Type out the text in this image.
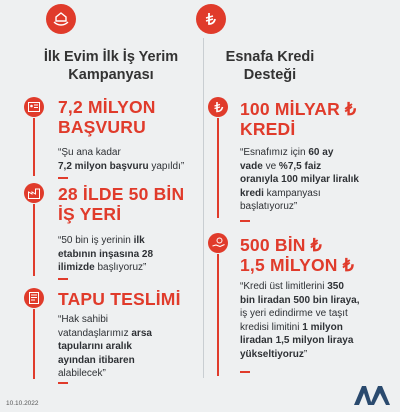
İlk Evim İlk İş Yerim
Kampanyası
Esnafa Kredi
Desteği
7,2 MİLYON
BAŞVURU
“Şu ana kadar
7,2 milyon başvuru yapıldı”
28 İLDE 50 BİN
İŞ YERİ
“50 bin iş yerinin ilk
etabının inşasına 28
ilimizde başlıyoruz”
TAPU TESLİMİ
“Hak sahibi
vatandaşlarımız arsa
tapularını aralık
ayından itibaren
alabilecek”
100 MİLYAR ₺
KREDİ
“Esnafımız için 60 ay
vade ve %7,5 faiz
oranıyla 100 milyar liralık
kredi kampanyası
başlatıyoruz”
500 BİN ₺
1,5 MİLYON ₺
“Kredi üst limitlerini 350
bin liradan 500 bin liraya,
iş yeri edindirme ve taşıt
kredisi limitini 1 milyon
liradan 1,5 milyon liraya
yükseltiyoruz”
10.10.2022
